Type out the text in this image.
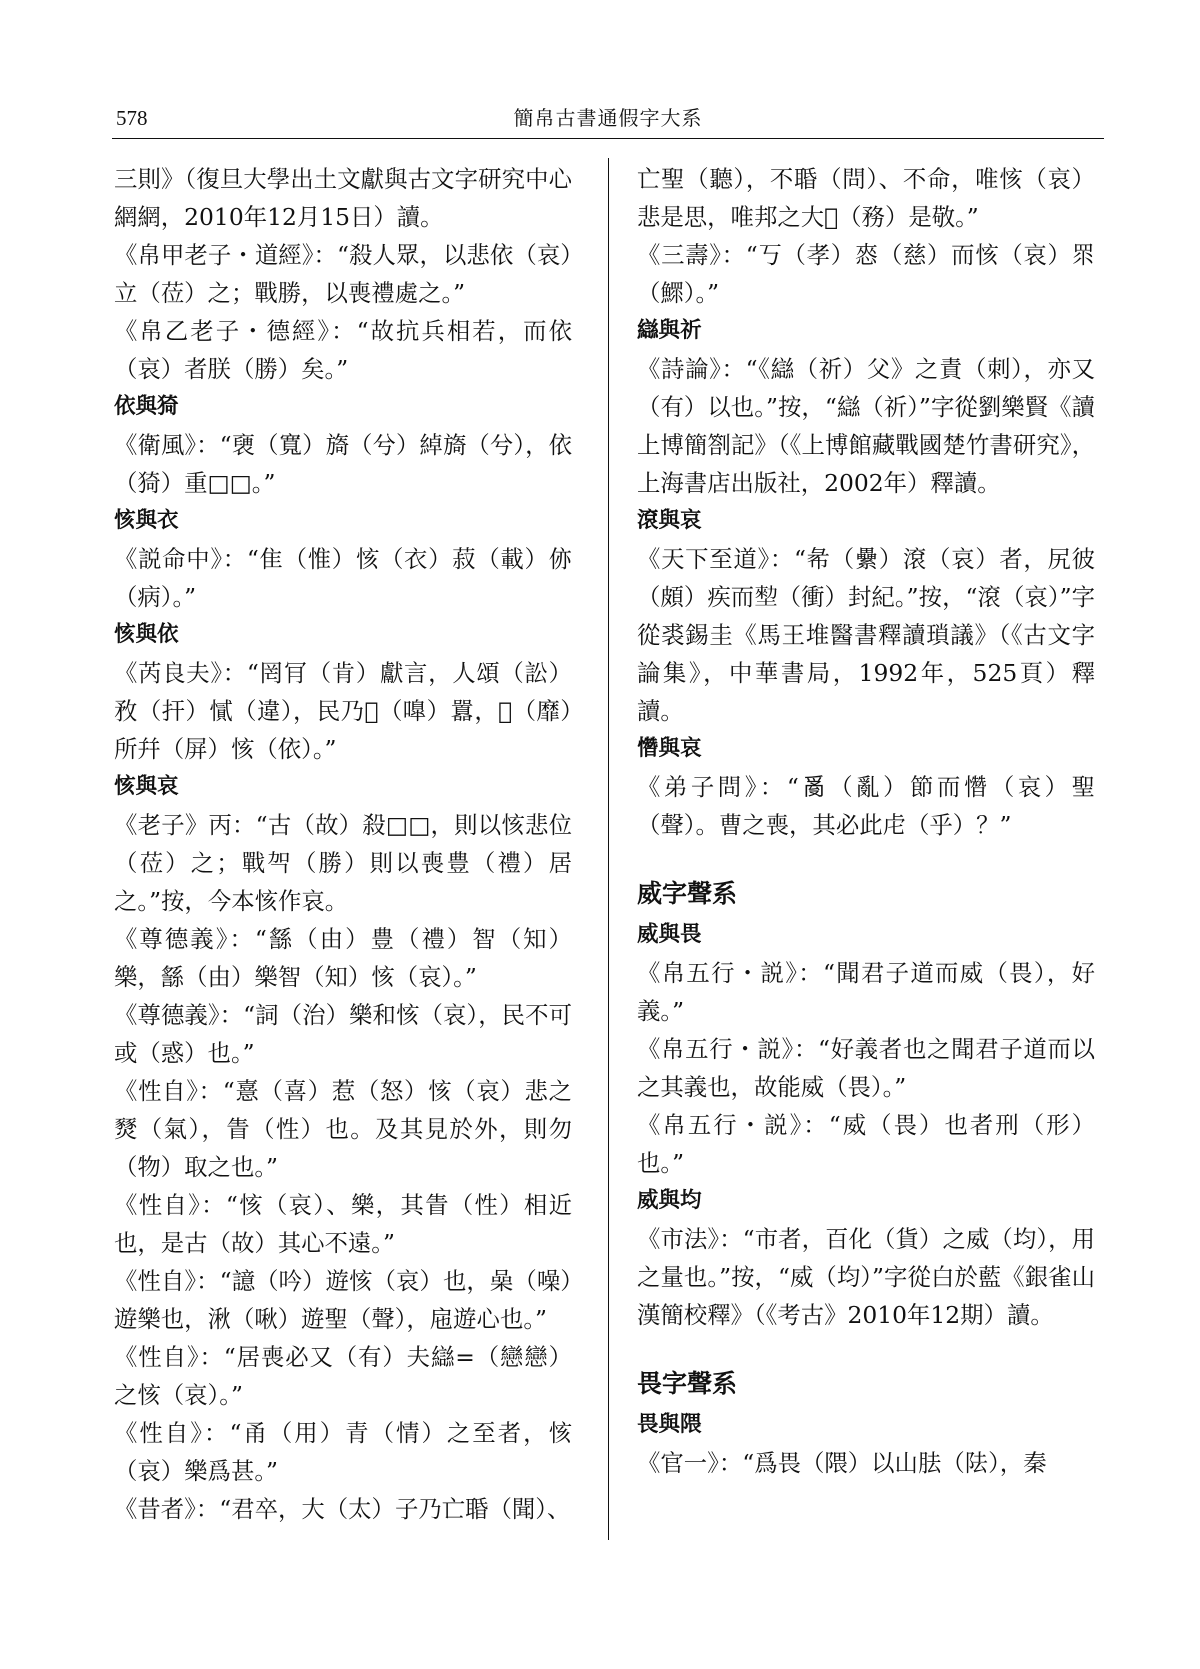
578	簡帛古書通假字大系

三則》（復旦大學出土文獻與古文字研究中心網網，2010年12月15日）讀。

《帛甲老子・道經》：“殺人眾，以悲依（哀）立（莅）之；戰勝，以喪禮處之。”

《帛乙老子・德經》：“故抗兵相若，而依（哀）者朕（勝）矣。”

依與猗

《衛風》：“褏（寬）旖（兮）綽旖（兮），依（猗）重□□。”

㤥與衣

《説命中》：“隹（惟）㤥（衣）菽（載）㑊（病）。”

㤥與依

《芮良夫》：“罔肎（肯）獻言，人頌（訟）敄（扞）㦐（違），民乃𠱵（嘷）囂，𧽊（靡）所幷（屏）㤥（依）。”

㤥與哀

《老子》丙：“古（故）殺□□，則以㤥悲位（莅）之；戰㔖（勝）則以喪豊（禮）居之。”按，今本㤥作哀。

《尊德義》：“䌛（由）豊（禮）智（知）樂，䌛（由）樂智（知）㤥（哀）。”

《尊德義》：“詞（治）樂和㤥（哀），民不可或（惑）也。”

《性自》：“憙（喜）惹（怒）㤥（哀）悲之燹（氣），眚（性）也。及其見於外，則勿（物）取之也。”

《性自》：“㤥（哀）、樂，其眚（性）相近也，是古（故）其心不遠。”

《性自》：“譩（吟）遊㤥（哀）也，喿（噪）遊樂也，湫（啾）遊聖（聲），㦾遊心也。”

《性自》：“居喪必又（有）夫䜌=（戀戀）之㤥（哀）。”

《性自》：“甬（用）青（情）之至者，㤥（哀）樂爲甚。”

《昔者》：“君卒，大（太）子乃亡䎽（聞）、

亡聖（聽），不䎽（問）、不命，唯㤥（哀）悲是思，唯邦之大𢻱（務）是敬。”

《三壽》：“丂（孝）㤲（慈）而㤥（哀）眔（鰥）。”

䜌與祈

《詩論》：“《䜌（祈）父》之責（刺），亦又（有）以也。”按，“䜌（祈）”字從劉樂賢《讀上博簡劄記》（《上博館藏戰國楚竹書研究》，上海書店出版社，2002年）釋讀。

滾與哀

《天下至道》：“㣇（纍）滾（哀）者，尻彼（頗）疾而𡎼（衝）封紀。”按，“滾（哀）”字從裘錫圭《馬王堆醫書釋讀瑣議》（《古文字論集》，中華書局，1992年，525頁）釋讀。

㦧與哀

《弟子問》：“𤔔（亂）節而㦧（哀）聖（聲）。曹之喪，其必此虍（乎）？”

威字聲系

威與畏

《帛五行・説》：“聞君子道而威（畏），好義。”

《帛五行・説》：“好義者也之聞君子道而以之其義也，故能威（畏）。”

《帛五行・説》：“威（畏）也者刑（形）也。”

威與均

《市法》：“市者，百化（貨）之威（均），用之量也。”按，“威（均）”字從白於藍《銀雀山漢簡校釋》（《考古》2010年12期）讀。

畏字聲系

畏與隈

《官一》：“爲畏（隈）以山胠（阹），秦
